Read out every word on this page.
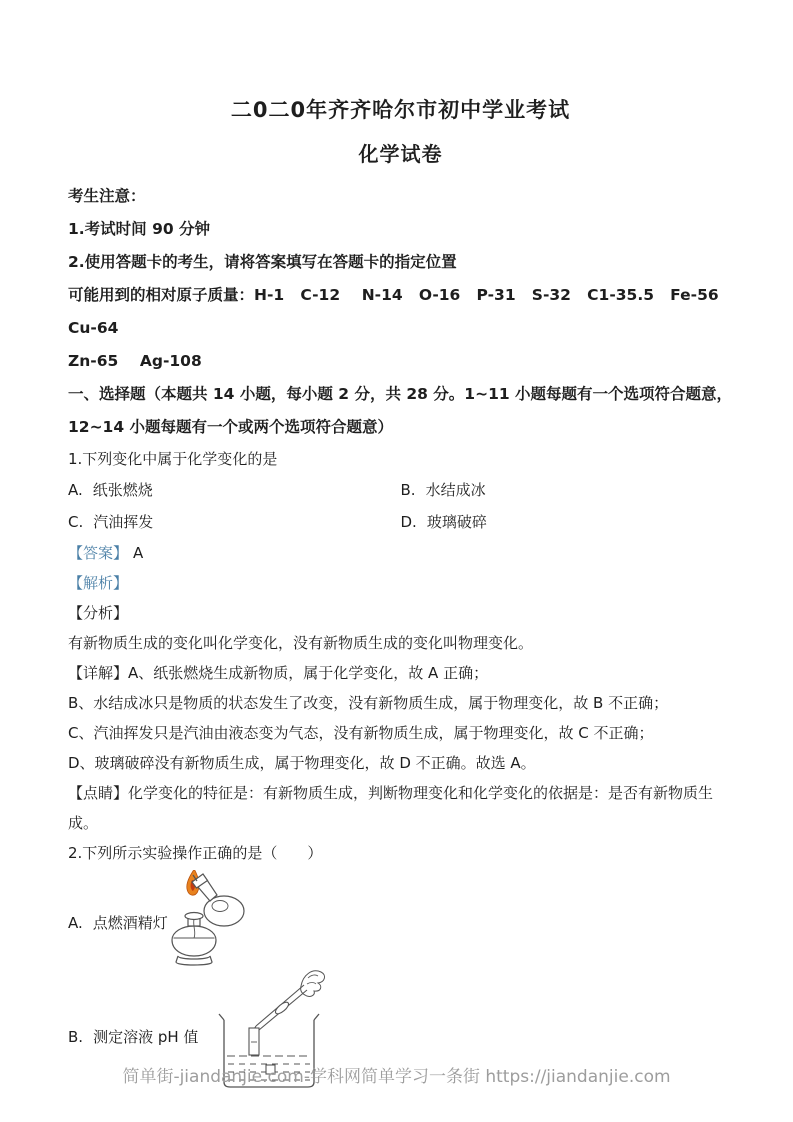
二0二0年齐齐哈尔市初中学业考试
化学试卷

考生注意：

1.考试时间 90 分钟

2.使用答题卡的考生，请将答案填写在答题卡的指定位置

可能用到的相对原子质量：H-1   C-12    N-14   O-16   P-31   S-32   C1-35.5   Fe-56   Cu-64

Zn-65    Ag-108

一、选择题（本题共 14 小题，每小题 2 分，共 28 分。1~11 小题每题有一个选项符合题意，

12~14 小题每题有一个或两个选项符合题意）

1.下列变化中属于化学变化的是

A. 纸张燃烧	B. 水结成冰
C. 汽油挥发	D. 玻璃破碎

【答案】 A

【解析】

【分析】

有新物质生成的变化叫化学变化，没有新物质生成的变化叫物理变化。

【详解】A、纸张燃烧生成新物质，属于化学变化，故 A 正确；

B、水结成冰只是物质的状态发生了改变，没有新物质生成，属于物理变化，故 B 不正确；

C、汽油挥发只是汽油由液态变为气态，没有新物质生成，属于物理变化，故 C 不正确；

D、玻璃破碎没有新物质生成，属于物理变化，故 D 不正确。故选 A。

【点睛】化学变化的特征是：有新物质生成，判断物理变化和化学变化的依据是：是否有新物质生成。

2.下列所示实验操作正确的是（　　）

A. 点燃酒精灯
B. 测定溶液 pH 值
简单街-jiandanjie.com-学科网简单学习一条街 https://jiandanjie.com
